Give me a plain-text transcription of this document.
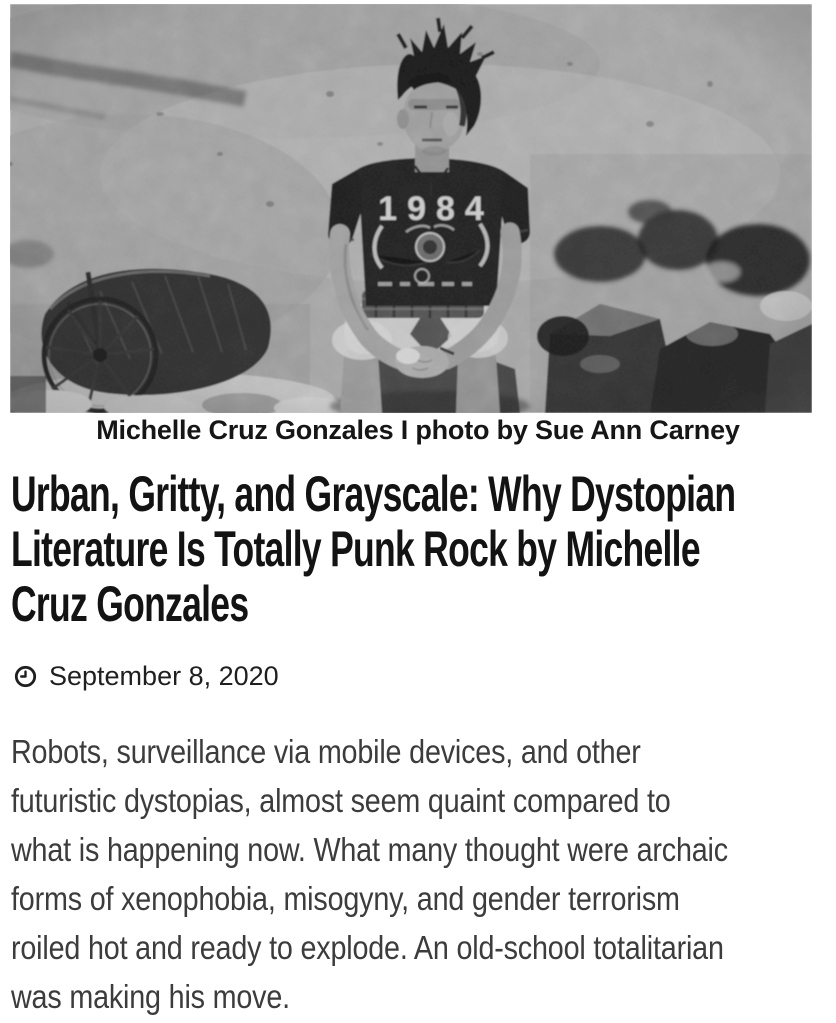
Michelle Cruz Gonzales I photo by Sue Ann Carney
Urban, Gritty, and Grayscale: Why Dystopian
Literature Is Totally Punk Rock by Michelle
Cruz Gonzales
September 8, 2020

Robots, surveillance via mobile devices, and other
futuristic dystopias, almost seem quaint compared to
what is happening now. What many thought were archaic
forms of xenophobia, misogyny, and gender terrorism
roiled hot and ready to explode. An old-school totalitarian
was making his move.
